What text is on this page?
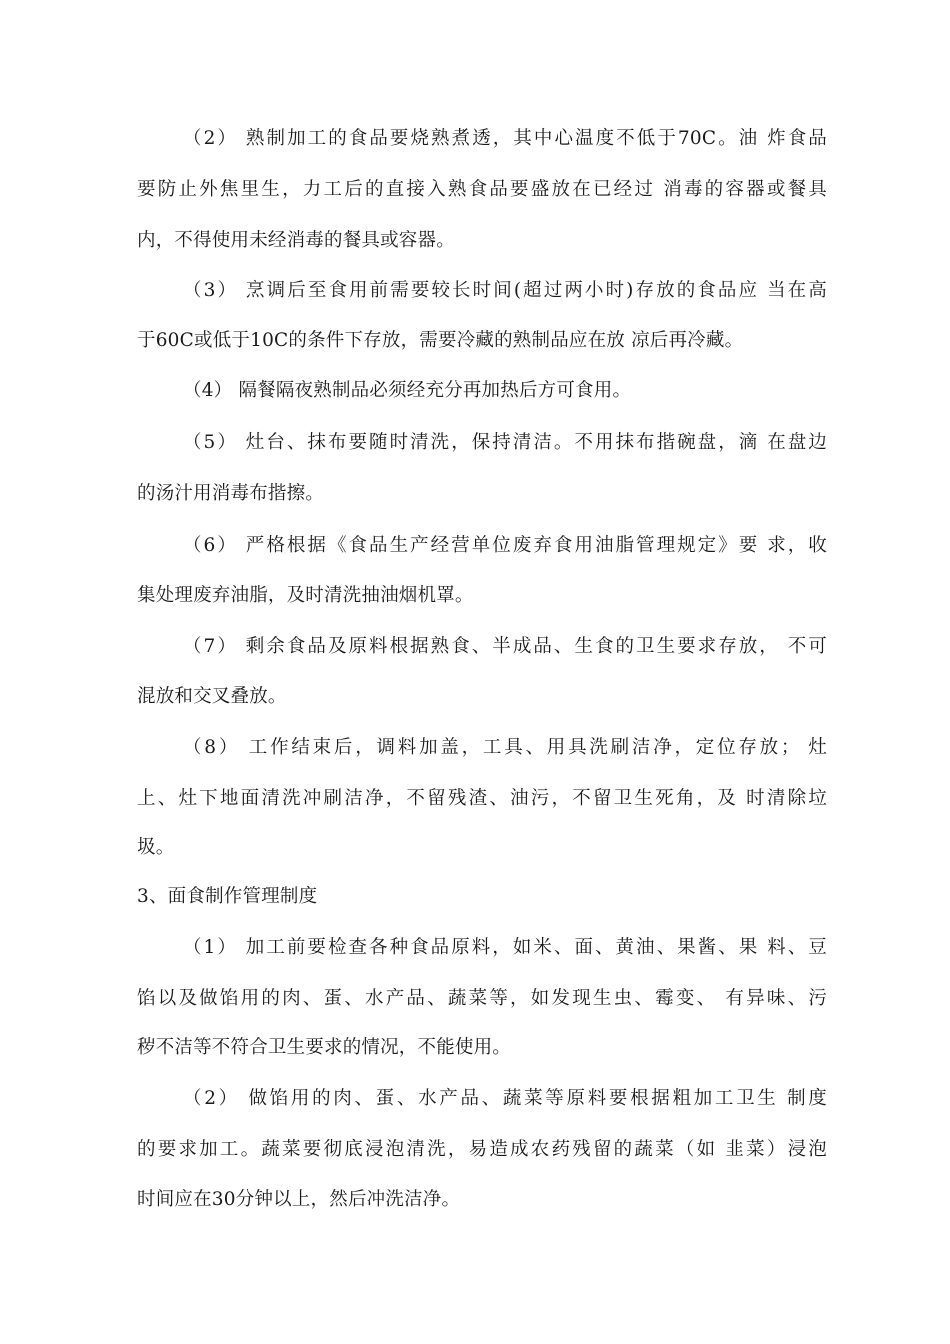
（2） 熟制加工的食品要烧熟煮透，其中心温度不低于70C。油 炸食品
要防止外焦里生，力工后的直接入熟食品要盛放在已经过 消毒的容器或餐具
内，不得使用未经消毒的餐具或容器。
（3） 烹调后至食用前需要较长时间(超过两小时)存放的食品应 当在高
于60C或低于10C的条件下存放，需要冷藏的熟制品应在放 凉后再冷藏。
（4） 隔餐隔夜熟制品必须经充分再加热后方可食用。
（5） 灶台、抹布要随时清洗，保持清洁。不用抹布揩碗盘，滴 在盘边
的汤汁用消毒布揩擦。
（6） 严格根据《食品生产经营单位废弃食用油脂管理规定》要 求，收
集处理废弃油脂，及时清洗抽油烟机罩。
（7） 剩余食品及原料根据熟食、半成品、生食的卫生要求存放， 不可
混放和交叉叠放。
（8） 工作结束后，调料加盖，工具、用具洗刷洁净，定位存放； 灶
上、灶下地面清洗冲刷洁净，不留残渣、油污，不留卫生死角，及 时清除垃
圾。
3、面食制作管理制度
（1） 加工前要检查各种食品原料，如米、面、黄油、果酱、果 料、豆
馅以及做馅用的肉、蛋、水产品、蔬菜等，如发现生虫、霉变、 有异味、污
秽不洁等不符合卫生要求的情况，不能使用。
（2） 做馅用的肉、蛋、水产品、蔬菜等原料要根据粗加工卫生 制度
的要求加工。蔬菜要彻底浸泡清洗，易造成农药残留的蔬菜（如 韭菜）浸泡
时间应在30分钟以上，然后冲洗洁净。
